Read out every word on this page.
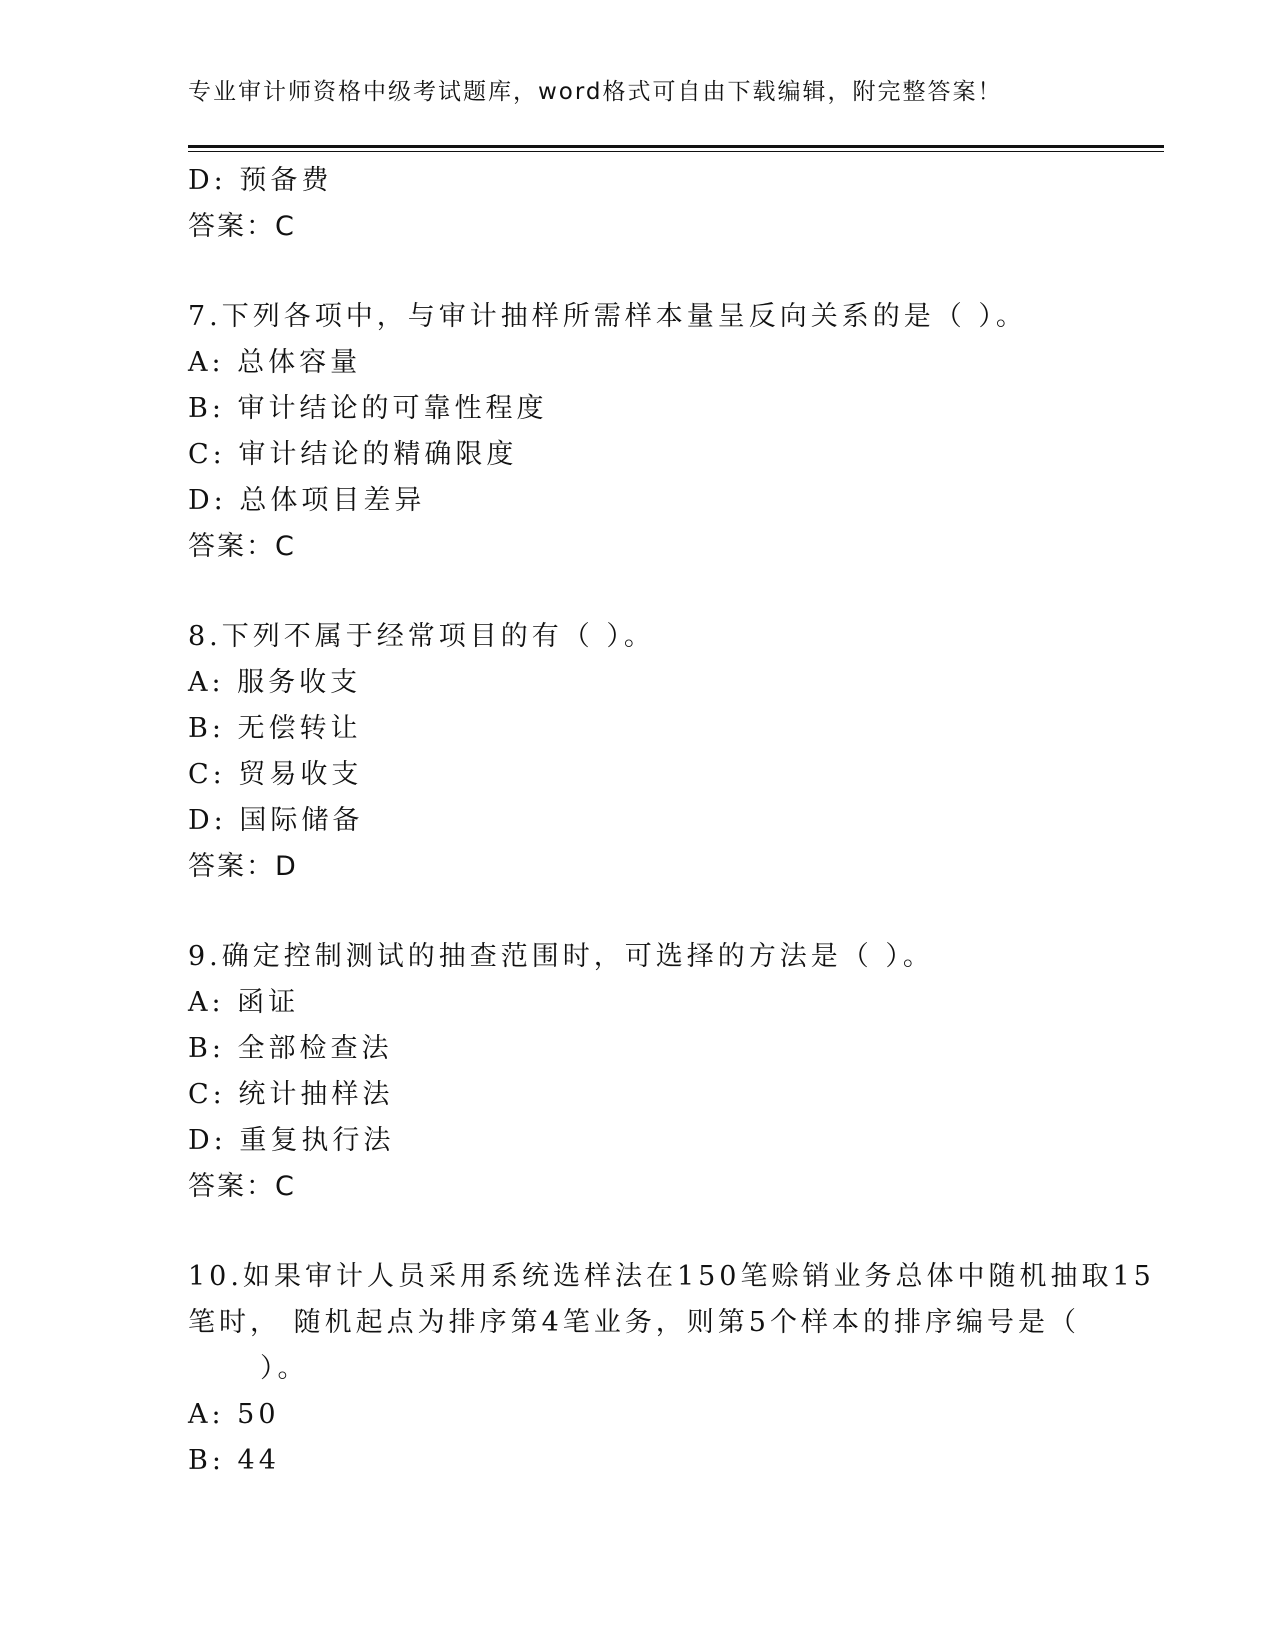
专业审计师资格中级考试题库，word格式可自由下载编辑，附完整答案！
D: 预备费
答案：C
7.下列各项中，与审计抽样所需样本量呈反向关系的是（ ）。
A: 总体容量
B: 审计结论的可靠性程度
C: 审计结论的精确限度
D: 总体项目差异
答案：C
8.下列不属于经常项目的有（ ）。
A: 服务收支
B: 无偿转让
C: 贸易收支
D: 国际储备
答案：D
9.确定控制测试的抽查范围时，可选择的方法是（ ）。
A: 函证
B: 全部检查法
C: 统计抽样法
D: 重复执行法
答案：C
10.如果审计人员采用系统选样法在150笔赊销业务总体中随机抽取15
笔时， 随机起点为排序第4笔业务，则第5个样本的排序编号是（
）。
A: 50
B: 44
